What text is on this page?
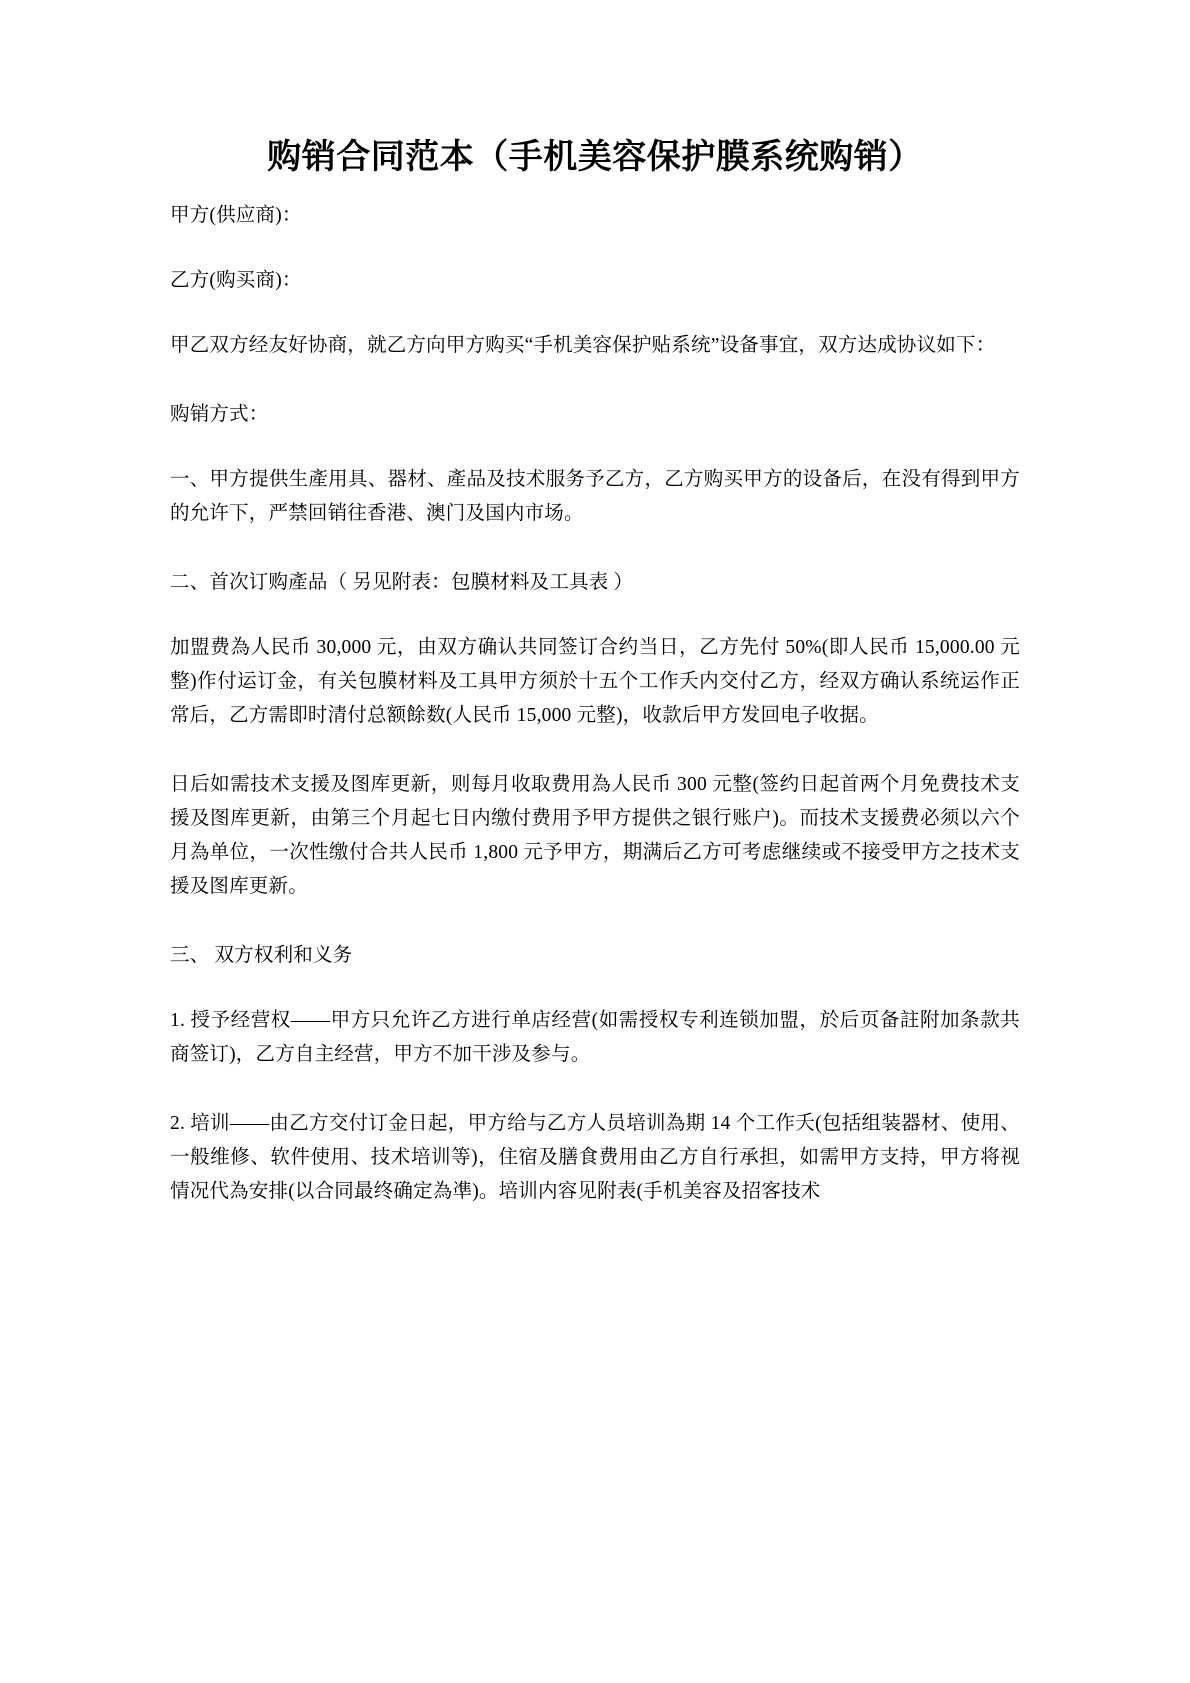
购销合同范本（手机美容保护膜系统购销）

甲方(供应商)：

乙方(购买商)：

甲乙双方经友好协商，就乙方向甲方购买“手机美容保护贴系统”设备事宜，双方达成协议如下：

购销方式：

一、甲方提供生產用具、器材、產品及技术服务予乙方，乙方购买甲方的设备后，在没有得到甲方的允许下，严禁回销往香港、澳门及国内市场。

二、首次订购產品（ 另见附表：包膜材料及工具表 ）

加盟费為人民币 30,000 元，由双方确认共同签订合约当日，乙方先付 50%(即人民币 15,000.00 元整)作付运订金，有关包膜材料及工具甲方须於十五个工作夭内交付乙方，经双方确认系统运作正常后，乙方需即时清付总额餘数(人民币 15,000 元整)，收款后甲方发回电子收据。

日后如需技术支援及图库更新，则每月收取费用為人民币 300 元整(签约日起首两个月免费技术支援及图库更新，由第三个月起七日内缴付费用予甲方提供之银行账户)。而技术支援费必须以六个月為单位，一次性缴付合共人民币 1,800 元予甲方，期满后乙方可考虑继续或不接受甲方之技术支援及图库更新。

三、 双方权利和义务

1. 授予经营权——甲方只允许乙方进行单店经营(如需授权专利连锁加盟，於后页备註附加条款共商签订)，乙方自主经营，甲方不加干涉及参与。

2. 培训——由乙方交付订金日起，甲方给与乙方人员培训為期 14 个工作夭(包括组装器材、使用、一般维修、软件使用、技术培训等)，住宿及膳食费用由乙方自行承担，如需甲方支持，甲方将视情况代為安排(以合同最终确定為凖)。培训内容见附表(手机美容及招客技术
